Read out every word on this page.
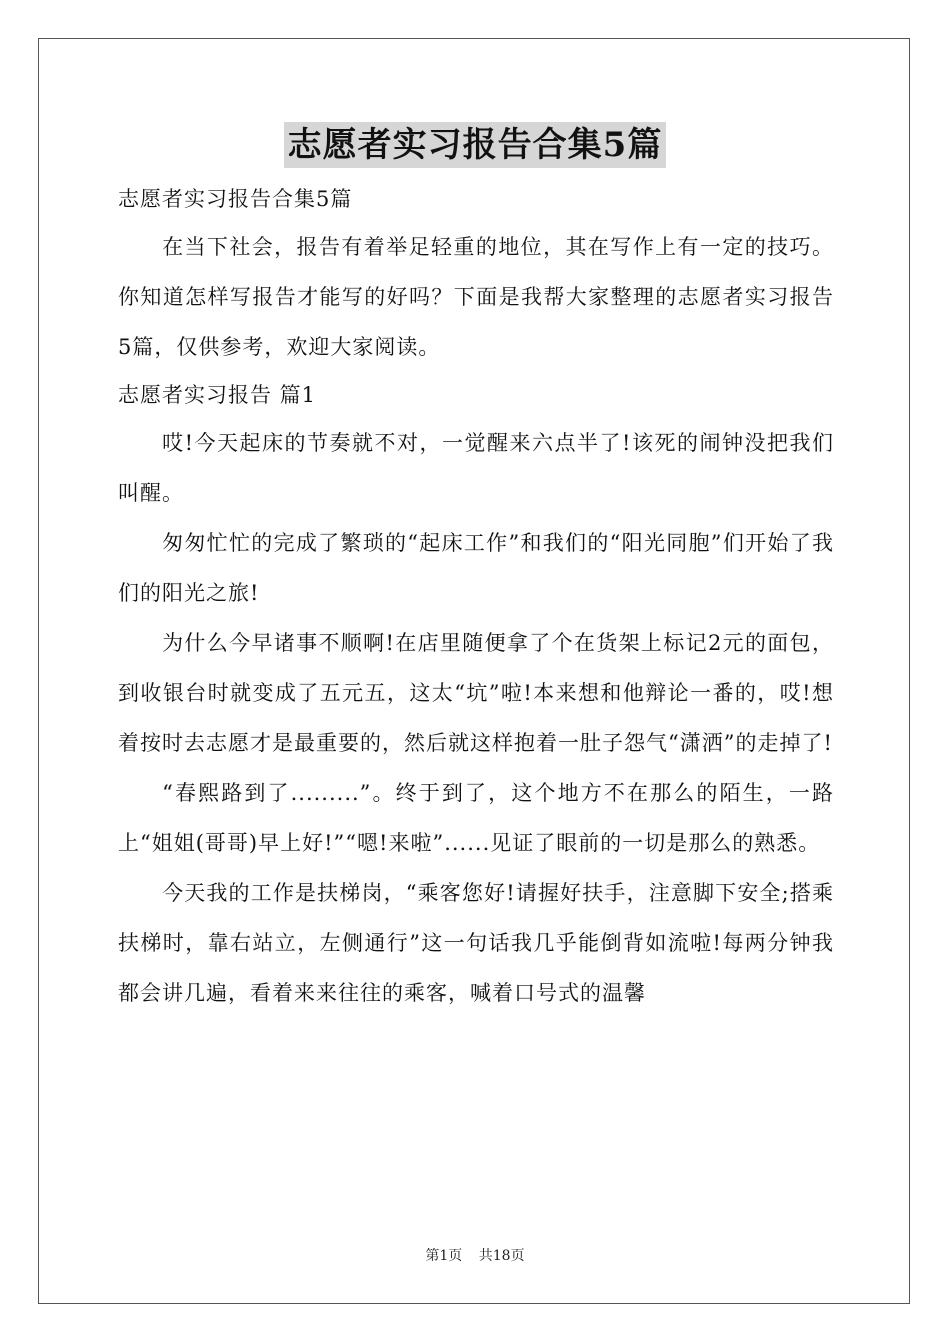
志愿者实习报告合集5篇
志愿者实习报告合集5篇
在当下社会，报告有着举足轻重的地位，其在写作上有一定的技巧。你知道怎样写报告才能写的好吗？下面是我帮大家整理的志愿者实习报告5篇，仅供参考，欢迎大家阅读。
志愿者实习报告 篇1
哎!今天起床的节奏就不对，一觉醒来六点半了!该死的闹钟没把我们叫醒。
匆匆忙忙的完成了繁琐的“起床工作”和我们的“阳光同胞”们开始了我们的阳光之旅!
为什么今早诸事不顺啊!在店里随便拿了个在货架上标记2元的面包，到收银台时就变成了五元五，这太“坑”啦!本来想和他辩论一番的，哎!想着按时去志愿才是最重要的，然后就这样抱着一肚子怨气“潇洒”的走掉了!
“春熙路到了.........”。终于到了，这个地方不在那么的陌生，一路上“姐姐(哥哥)早上好!”“嗯!来啦”......见证了眼前的一切是那么的熟悉。
今天我的工作是扶梯岗，“乘客您好!请握好扶手，注意脚下安全;搭乘扶梯时，靠右站立，左侧通行”这一句话我几乎能倒背如流啦!每两分钟我都会讲几遍，看着来来往往的乘客，喊着口号式的温馨
第1页 共18页
